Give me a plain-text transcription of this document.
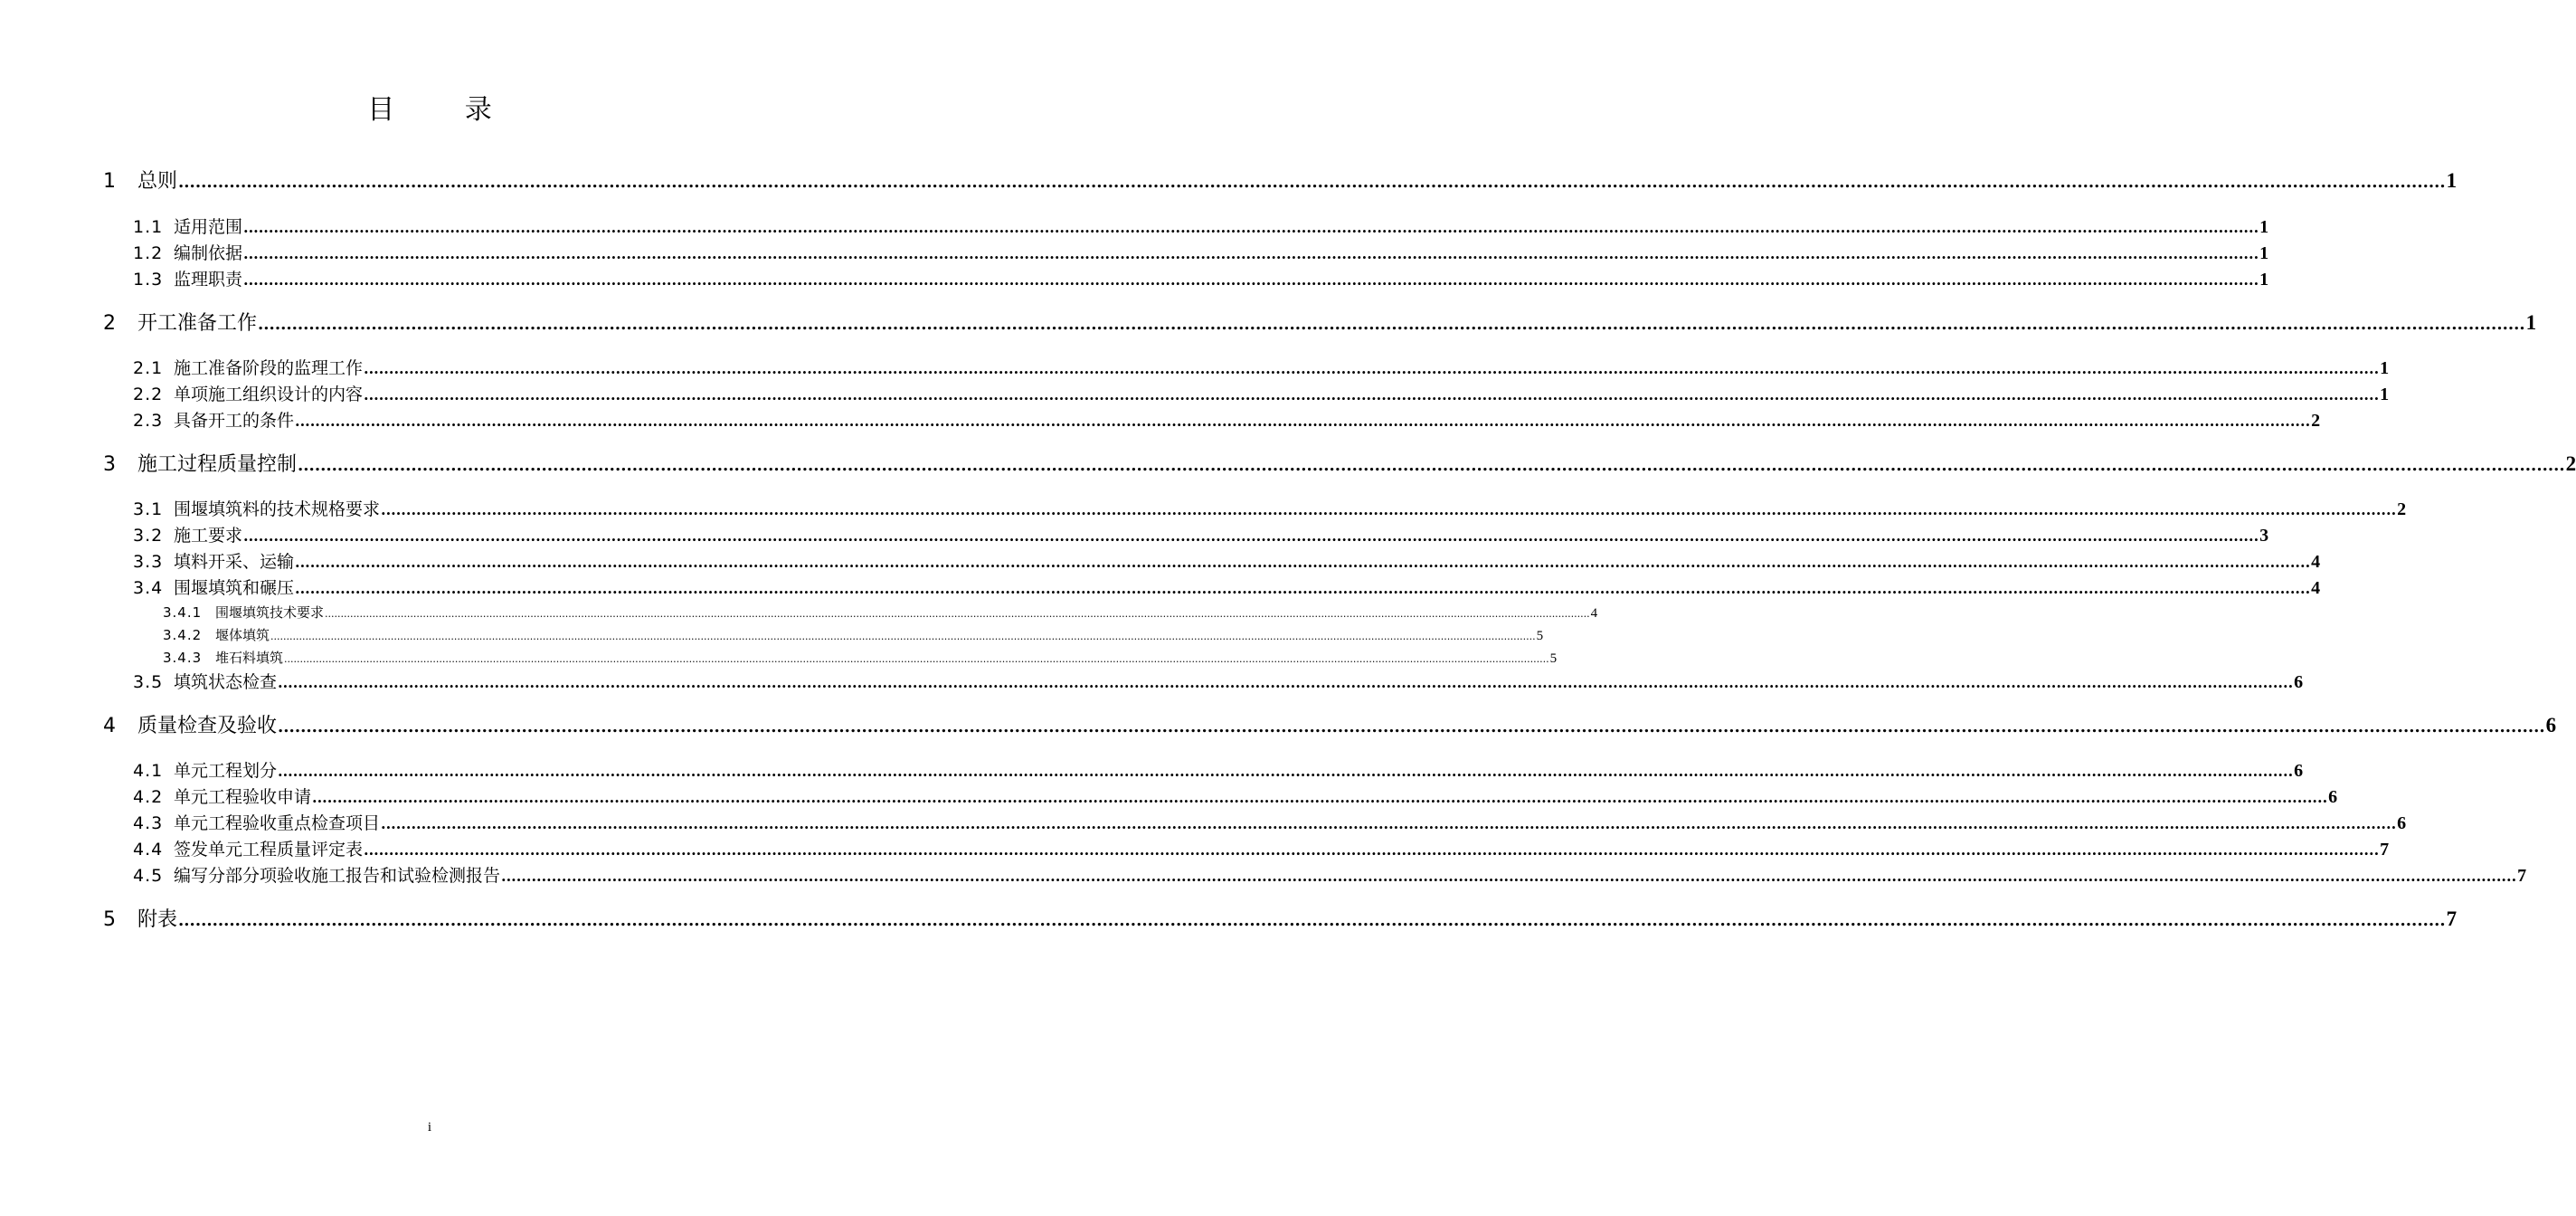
目 录
1	总则 ................................................................................................................................................................................................................................................................................................................................................................................................................ 1
1.1 适用范围 ................................................................................................................................................................................................................................................................................................................................................................................................................ 1
1.2 编制依据 ................................................................................................................................................................................................................................................................................................................................................................................................................ 1
1.3 监理职责 ................................................................................................................................................................................................................................................................................................................................................................................................................ 1
2	开工准备工作 ................................................................................................................................................................................................................................................................................................................................................................................................................ 1
2.1 施工准备阶段的监理工作 ................................................................................................................................................................................................................................................................................................................................................................................................................ 1
2.2 单项施工组织设计的内容 ................................................................................................................................................................................................................................................................................................................................................................................................................ 1
2.3 具备开工的条件 ................................................................................................................................................................................................................................................................................................................................................................................................................ 2
3	施工过程质量控制 ................................................................................................................................................................................................................................................................................................................................................................................................................ 2
3.1 围堰填筑料的技术规格要求 ................................................................................................................................................................................................................................................................................................................................................................................................................ 2
3.2 施工要求 ................................................................................................................................................................................................................................................................................................................................................................................................................ 3
3.3 填料开采、运输 ................................................................................................................................................................................................................................................................................................................................................................................................................ 4
3.4 围堰填筑和碾压 ................................................................................................................................................................................................................................................................................................................................................................................................................ 4
3.4.1 围堰填筑技术要求 ................................................................................................................................................................................................................................................................................................................................................................................................................ 4
3.4.2 堰体填筑 ................................................................................................................................................................................................................................................................................................................................................................................................................ 5
3.4.3 堆石料填筑 ................................................................................................................................................................................................................................................................................................................................................................................................................ 5
3.5 填筑状态检查 ................................................................................................................................................................................................................................................................................................................................................................................................................ 6
4	质量检查及验收 ................................................................................................................................................................................................................................................................................................................................................................................................................ 6
4.1 单元工程划分 ................................................................................................................................................................................................................................................................................................................................................................................................................ 6
4.2 单元工程验收申请 ................................................................................................................................................................................................................................................................................................................................................................................................................ 6
4.3 单元工程验收重点检查项目 ................................................................................................................................................................................................................................................................................................................................................................................................................ 6
4.4 签发单元工程质量评定表 ................................................................................................................................................................................................................................................................................................................................................................................................................ 7
4.5 编写分部分项验收施工报告和试验检测报告 ................................................................................................................................................................................................................................................................................................................................................................................................................ 7
5	附表 ................................................................................................................................................................................................................................................................................................................................................................................................................ 7
i
